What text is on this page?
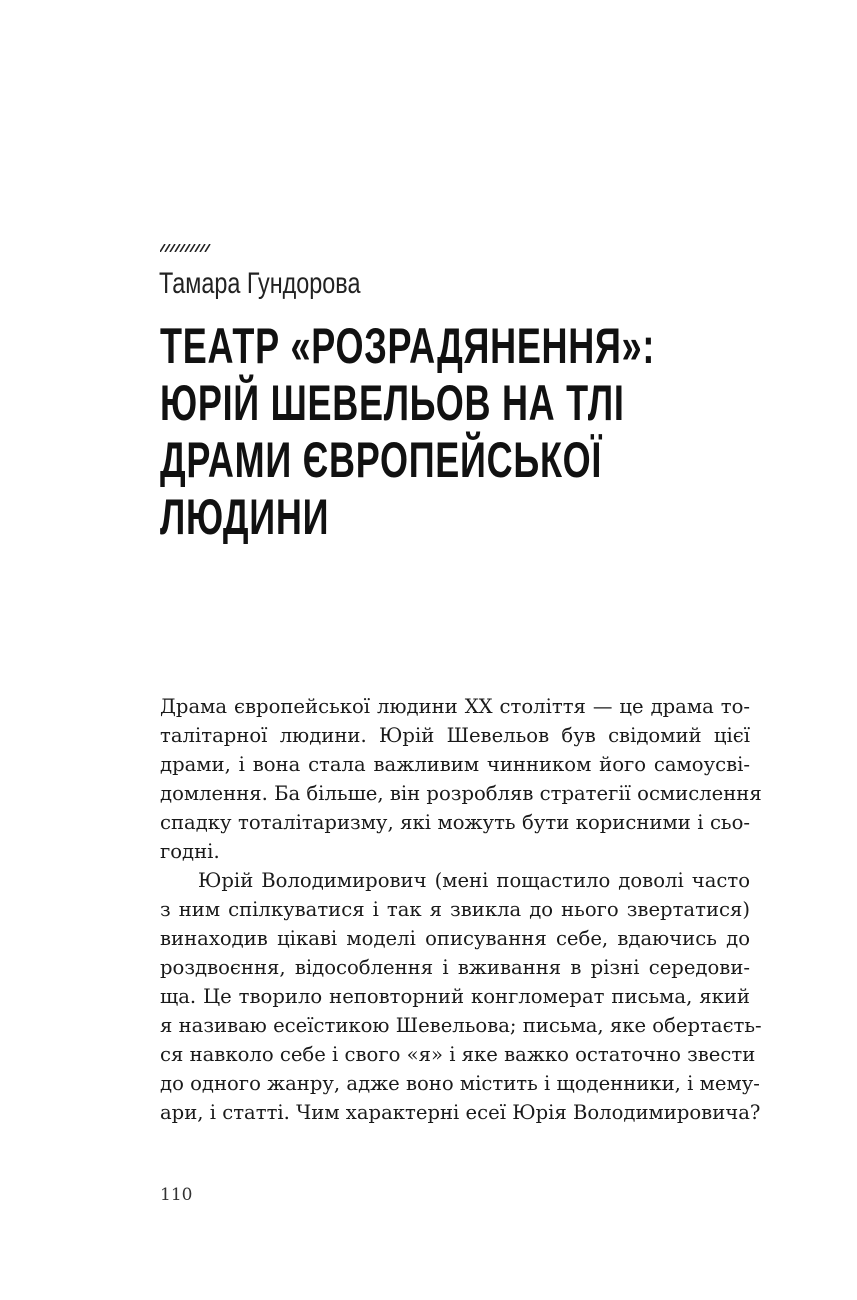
Тамара Гундорова
ТЕАТР «РОЗРАДЯНЕННЯ»:
ЮРІЙ ШЕВЕЛЬОВ НА ТЛІ
ДРАМИ ЄВРОПЕЙСЬКОЇ
ЛЮДИНИ
Драма європейської людини XX століття — це драма то-
талітарної людини. Юрій Шевельов був свідомий цієї
драми, і вона стала важливим чинником його самоусві-
домлення. Ба більше, він розробляв стратегії осмислення
спадку тоталітаризму, які можуть бути корисними і сьо-
годні.
Юрій Володимирович (мені пощастило доволі часто
з ним спілкуватися і так я звикла до нього звертатися)
винаходив цікаві моделі описування себе, вдаючись до
роздвоєння, відособлення і вживання в різні середови-
ща. Це творило неповторний конгломерат письма, який
я називаю есеїстикою Шевельова; письма, яке обертаєть-
ся навколо себе і свого «я» і яке важко остаточно звести
до одного жанру, адже воно містить і щоденники, і мему-
ари, і статті. Чим характерні есеї Юрія Володимировича?
110
